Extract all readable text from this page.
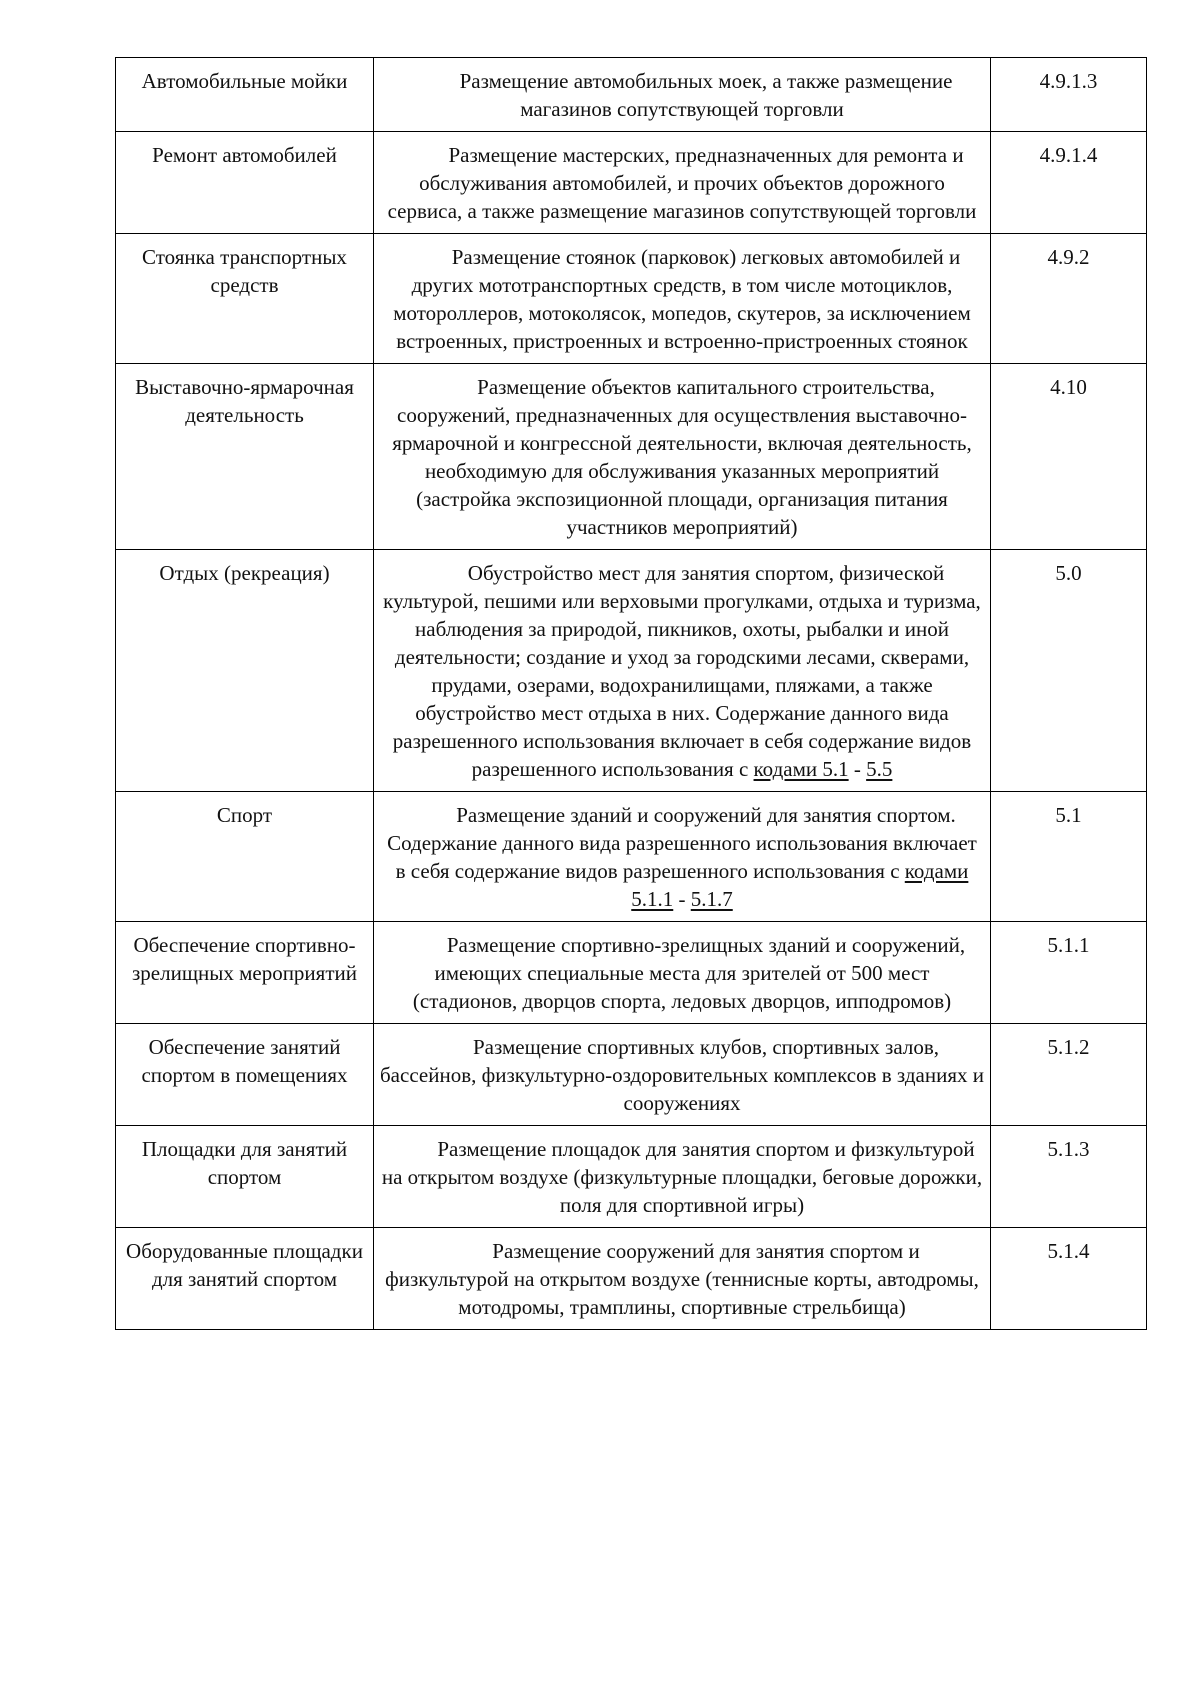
Автомобильные мойки	Размещение автомобильных моек, а также размещение магазинов сопутствующей торговли	4.9.1.3
Ремонт автомобилей	Размещение мастерских, предназначенных для ремонта и обслуживания автомобилей, и прочих объектов дорожного сервиса, а также размещение магазинов сопутствующей торговли	4.9.1.4
Стоянка транспортных средств	Размещение стоянок (парковок) легковых автомобилей и других мототранспортных средств, в том числе мотоциклов, мотороллеров, мотоколясок, мопедов, скутеров, за исключением встроенных, пристроенных и встроенно-пристроенных стоянок	4.9.2
Выставочно-ярмарочная деятельность	Размещение объектов капитального строительства, сооружений, предназначенных для осуществления выставочно-ярмарочной и конгрессной деятельности, включая деятельность, необходимую для обслуживания указанных мероприятий (застройка экспозиционной площади, организация питания участников мероприятий)	4.10
Отдых (рекреация)	Обустройство мест для занятия спортом, физической культурой, пешими или верховыми прогулками, отдыха и туризма, наблюдения за природой, пикников, охоты, рыбалки и иной деятельности; создание и уход за городскими лесами, скверами, прудами, озерами, водохранилищами, пляжами, а также обустройство мест отдыха в них. Содержание данного вида разрешенного использования включает в себя содержание видов разрешенного использования с кодами 5.1 - 5.5	5.0
Спорт	Размещение зданий и сооружений для занятия спортом. Содержание данного вида разрешенного использования включает в себя содержание видов разрешенного использования с кодами 5.1.1 - 5.1.7	5.1
Обеспечение спортивно-зрелищных мероприятий	Размещение спортивно-зрелищных зданий и сооружений, имеющих специальные места для зрителей от 500 мест (стадионов, дворцов спорта, ледовых дворцов, ипподромов)	5.1.1
Обеспечение занятий спортом в помещениях	Размещение спортивных клубов, спортивных залов, бассейнов, физкультурно-оздоровительных комплексов в зданиях и сооружениях	5.1.2
Площадки для занятий спортом	Размещение площадок для занятия спортом и физкультурой на открытом воздухе (физкультурные площадки, беговые дорожки, поля для спортивной игры)	5.1.3
Оборудованные площадки для занятий спортом	Размещение сооружений для занятия спортом и физкультурой на открытом воздухе (теннисные корты, автодромы, мотодромы, трамплины, спортивные стрельбища)	5.1.4
